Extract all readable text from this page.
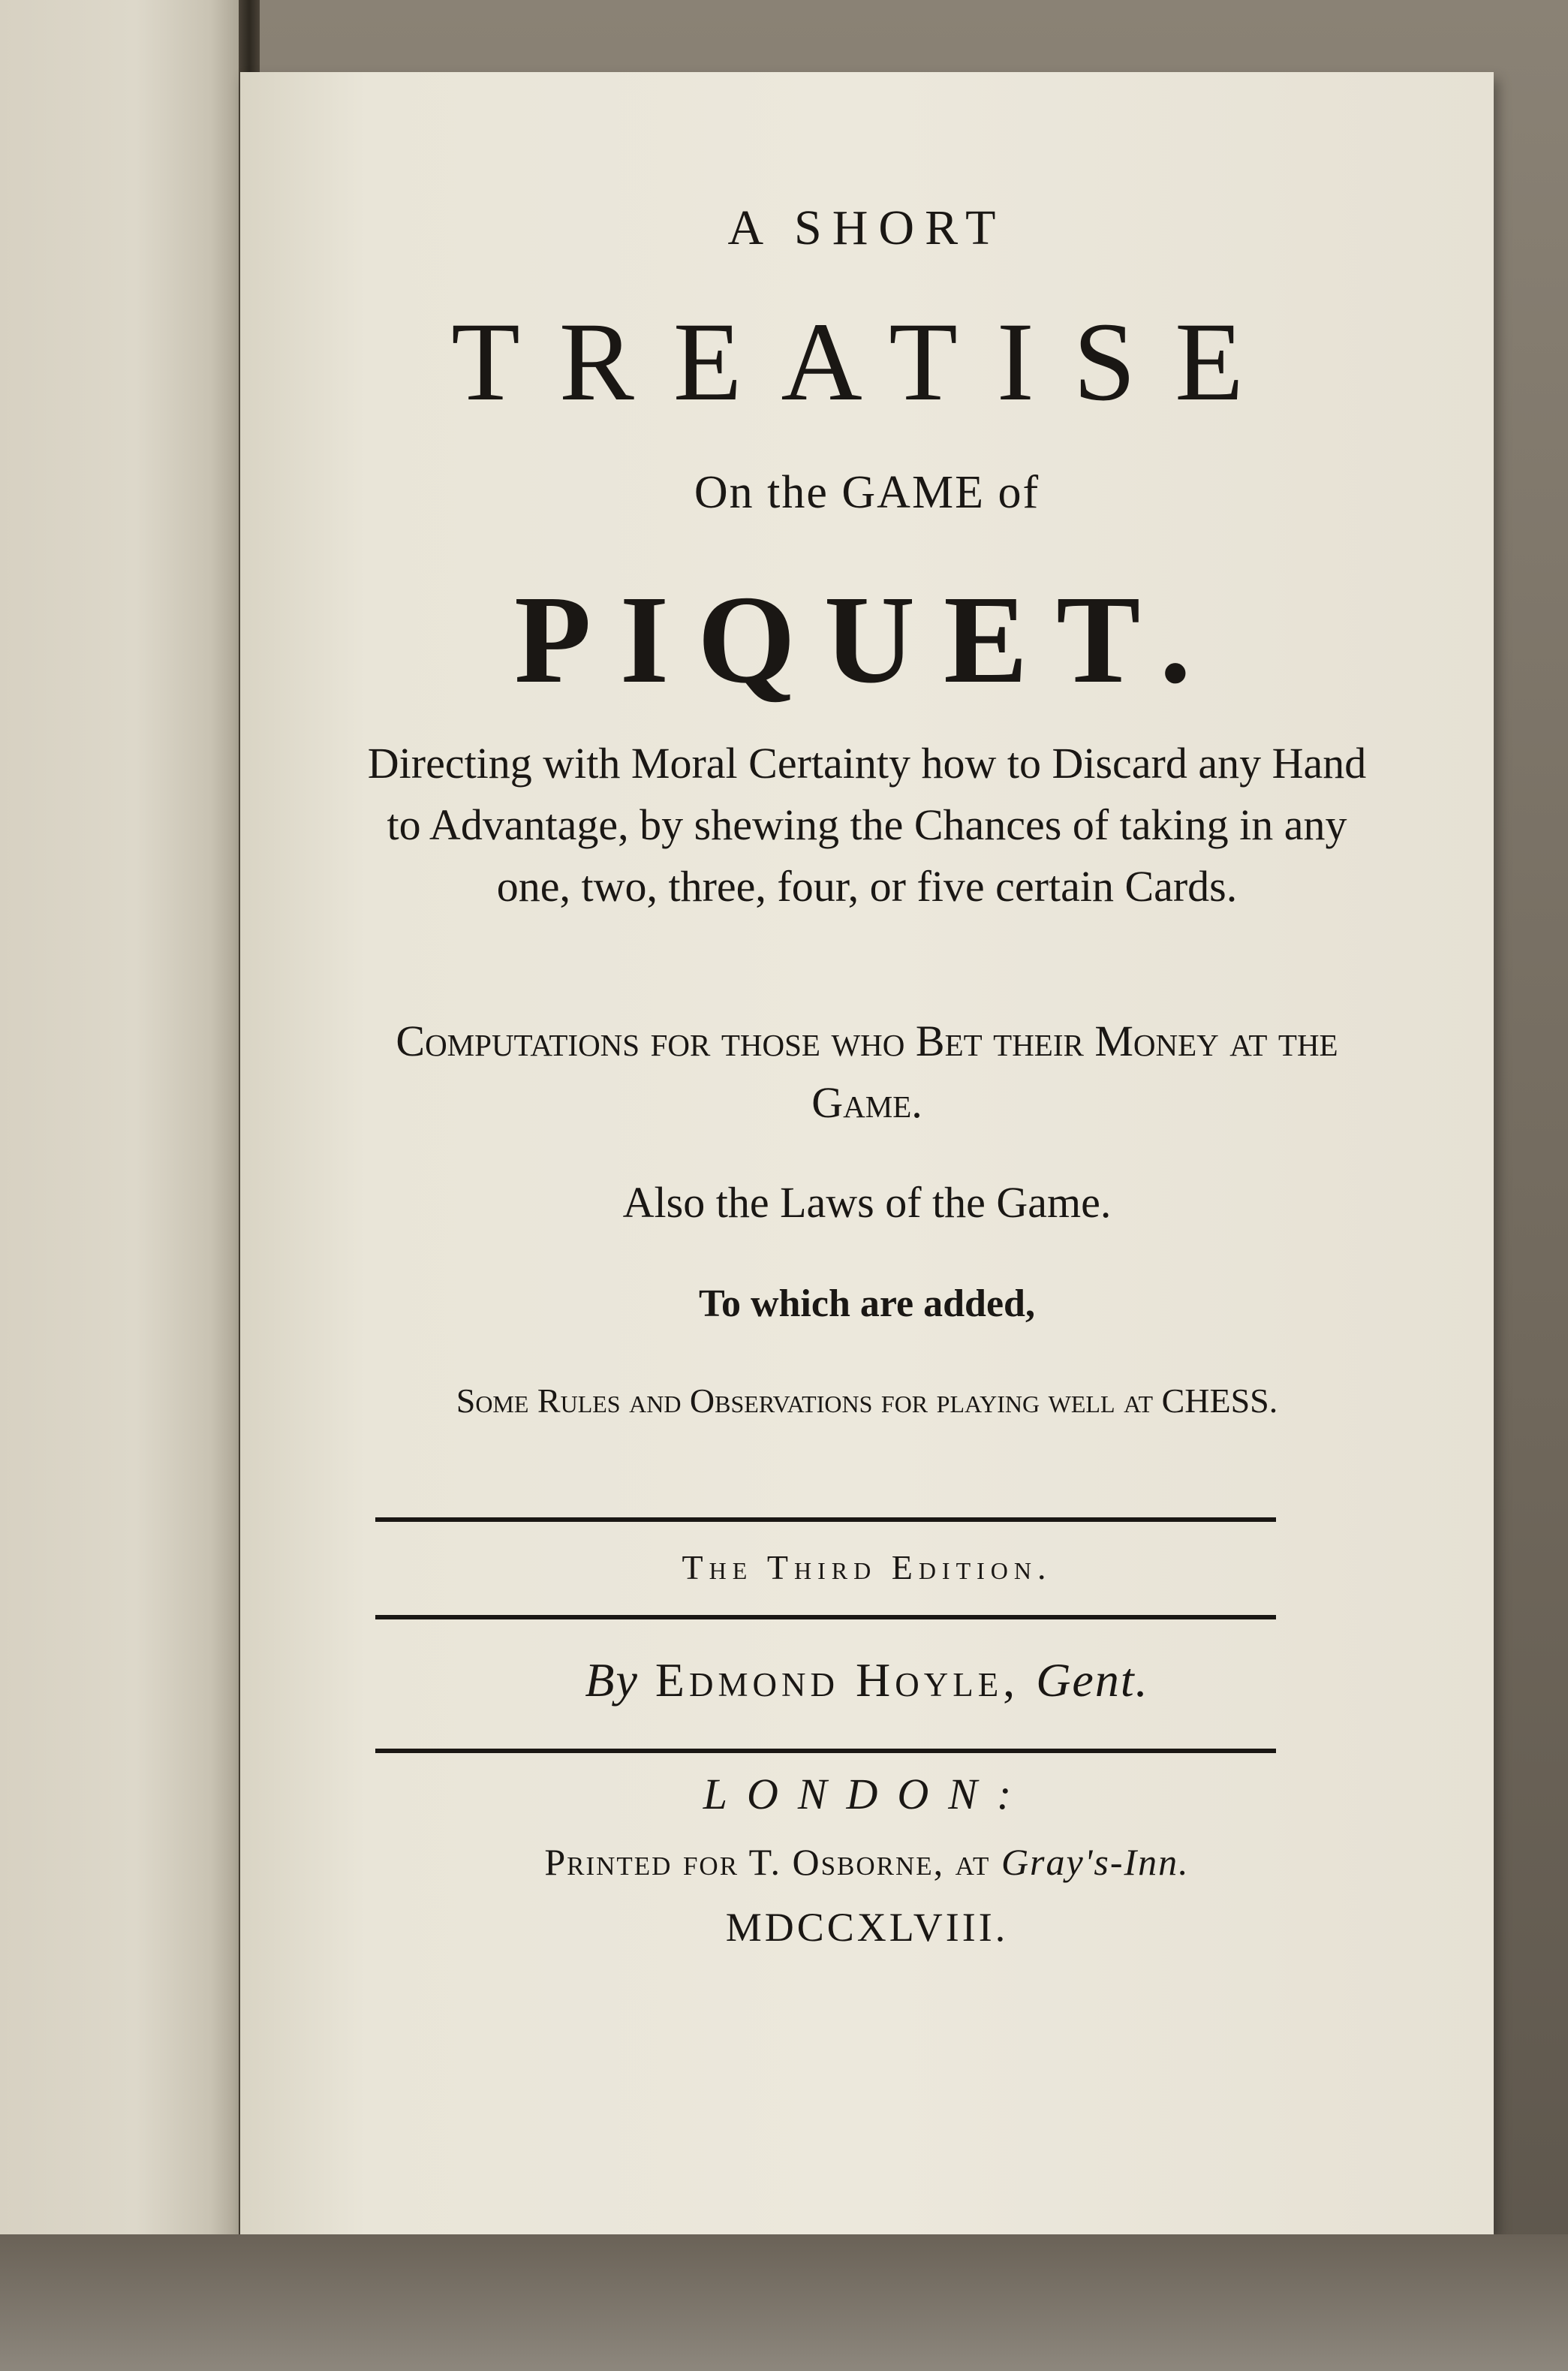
A SHORT
TREATISE
On the GAME of
PIQUET.
Directing with Moral Certainty how to Discard any Hand to Advantage, by shewing the Chances of taking in any one, two, three, four, or five certain Cards.
Computations for those who Bet their Money at the Game.
Also the Laws of the Game.
To which are added,
Some Rules and Observations for playing well at CHESS.
The Third Edition.
By Edmond Hoyle, Gent.
LONDON:
Printed for T. Osborne, at Gray's-Inn.
MDCCXLVIII.
